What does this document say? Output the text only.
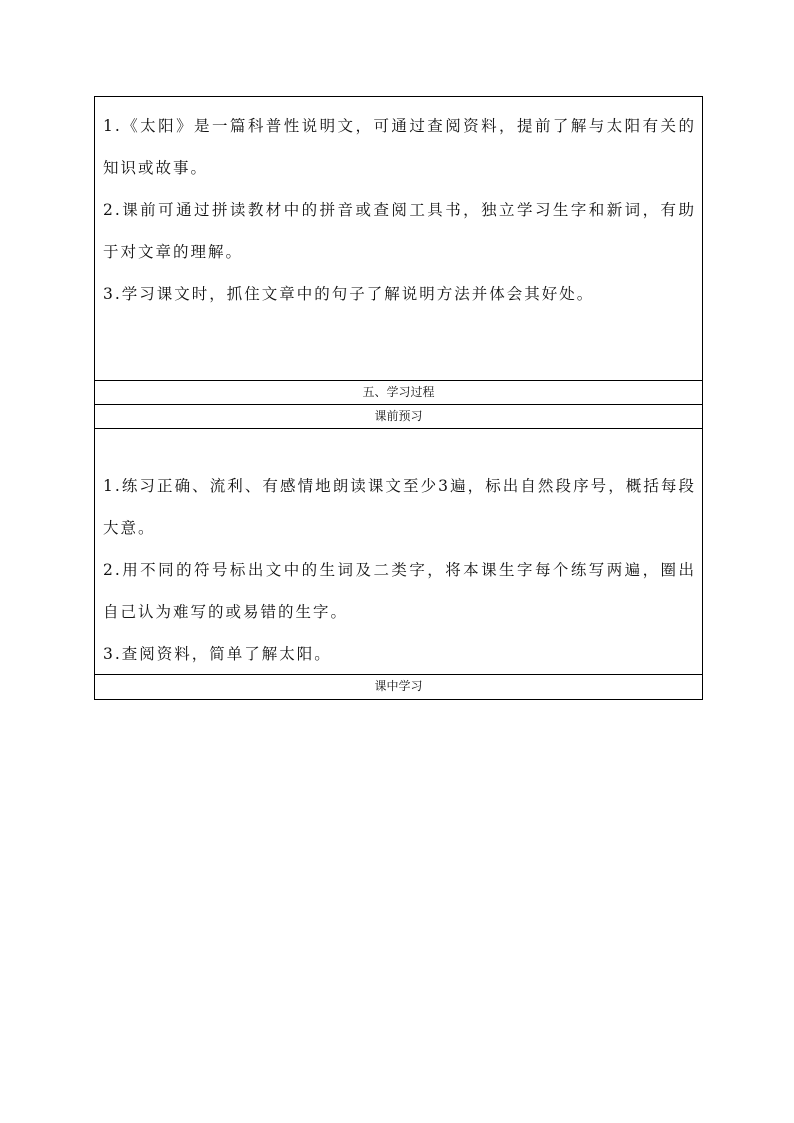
1.《太阳》是一篇科普性说明文，可通过查阅资料，提前了解与太阳有关的知识或故事。

2.课前可通过拼读教材中的拼音或查阅工具书，独立学习生字和新词，有助于对文章的理解。

3.学习课文时，抓住文章中的句子了解说明方法并体会其好处。

五、学习过程
课前预习

1.练习正确、流利、有感情地朗读课文至少3遍，标出自然段序号，概括每段大意。

2.用不同的符号标出文中的生词及二类字，将本课生字每个练写两遍，圈出自己认为难写的或易错的生字。

3.查阅资料，简单了解太阳。

课中学习
